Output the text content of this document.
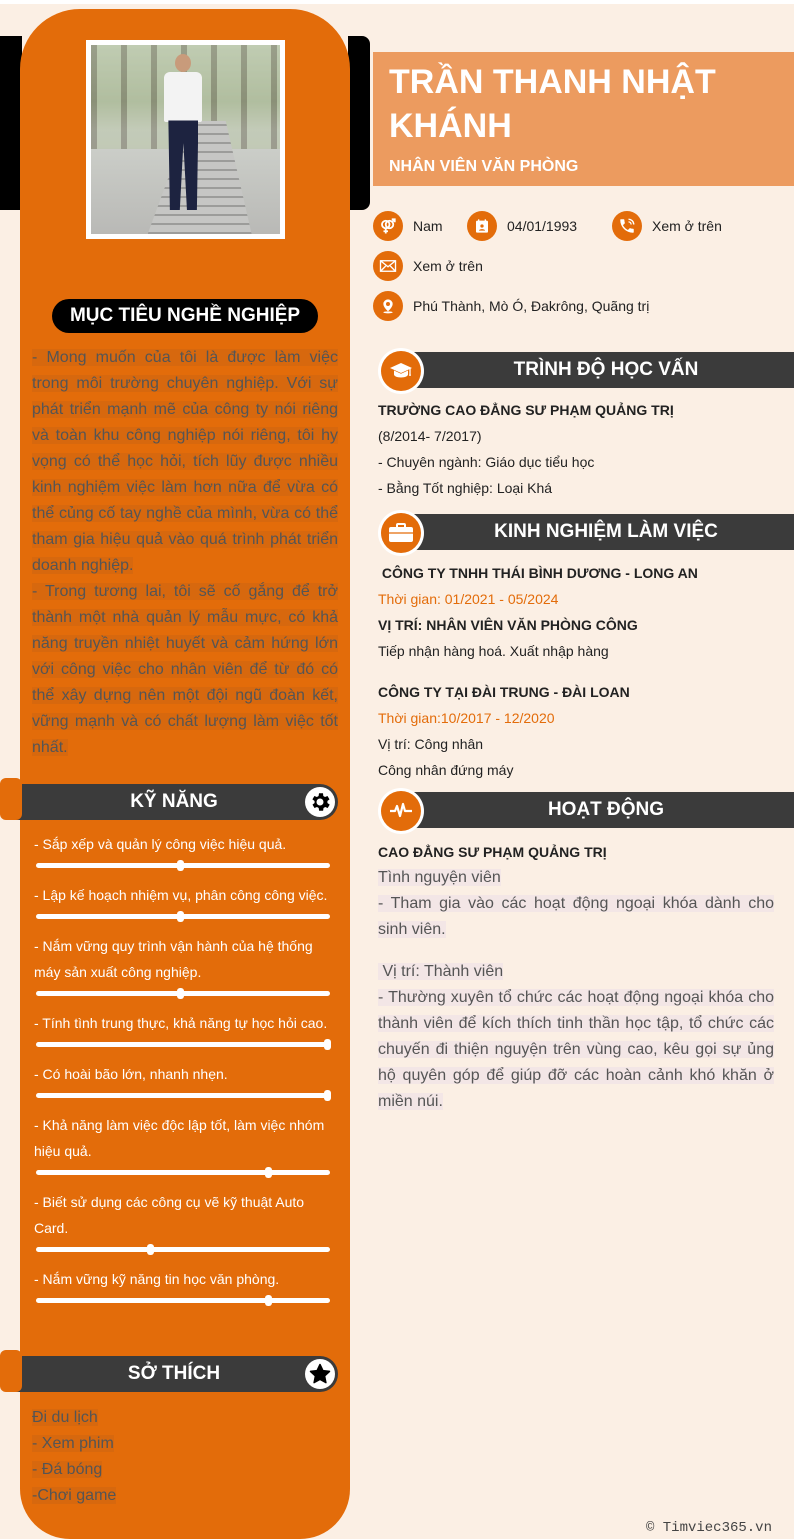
MỤC TIÊU NGHỀ NGHIỆP

- Mong muốn của tôi là được làm việc trong môi trường chuyên nghiệp. Với sự phát triển mạnh mẽ của công ty nói riêng và toàn khu công nghiệp nói riêng, tôi hy vọng có thể học hỏi, tích lũy được nhiều kinh nghiệm việc làm hơn nữa để vừa có thể củng cố tay nghề của mình, vừa có thể tham gia hiệu quả vào quá trình phát triển doanh nghiệp.

- Trong tương lai, tôi sẽ cố gắng để trở thành một nhà quản lý mẫu mực, có khả năng truyền nhiệt huyết và cảm hứng lớn với công việc cho nhân viên để từ đó có thể xây dựng nên một đội ngũ đoàn kết, vững mạnh và có chất lượng làm việc tốt nhất.

KỸ NĂNG
- Sắp xếp và quản lý công việc hiệu quả.
- Lập kế hoạch nhiệm vụ, phân công công việc.
- Nắm vững quy trình vận hành của hệ thống máy sản xuất công nghiệp.
- Tính tình trung thực, khả năng tự học hỏi cao.
- Có hoài bão lớn, nhanh nhẹn.
- Khả năng làm việc độc lập tốt, làm việc nhóm hiệu quả.
- Biết sử dụng các công cụ vẽ kỹ thuật Auto Card.
- Nắm vững kỹ năng tin học văn phòng.
SỞ THÍCH
Đi du lịch
- Xem phim
- Đá bóng
-Chơi game
TRẦN THANH NHẬT KHÁNH
NHÂN VIÊN VĂN PHÒNG
Nam	04/01/1993	Xem ở trên
Xem ở trên
Phú Thành, Mò Ó, Đakrông, Quãng trị
TRÌNH ĐỘ HỌC VẤN
TRƯỜNG CAO ĐẲNG SƯ PHẠM QUẢNG TRỊ
(8/2014- 7/2017)
- Chuyên ngành: Giáo dục tiểu học
- Bằng Tốt nghiệp: Loại Khá
KINH NGHIỆM LÀM VIỆC
CÔNG TY TNHH THÁI BÌNH DƯƠNG - LONG AN
Thời gian: 01/2021 - 05/2024
VỊ TRÍ: NHÂN VIÊN VĂN PHÒNG CÔNG
Tiếp nhận hàng hoá. Xuất nhập hàng
CÔNG TY TẠI ĐÀI TRUNG - ĐÀI LOAN
Thời gian:10/2017 - 12/2020
Vị trí: Công nhân
Công nhân đứng máy
HOẠT ĐỘNG
CAO ĐẲNG SƯ PHẠM QUẢNG TRỊ
Tình nguyện viên
- Tham gia vào các hoạt động ngoại khóa dành cho sinh viên.
Vị trí: Thành viên
- Thường xuyên tổ chức các hoạt động ngoại khóa cho thành viên để kích thích tinh thần học tập, tổ chức các chuyến đi thiện nguyện trên vùng cao, kêu gọi sự ủng hộ quyên góp để giúp đỡ các hoàn cảnh khó khăn ở miền núi.
© Timviec365.vn
